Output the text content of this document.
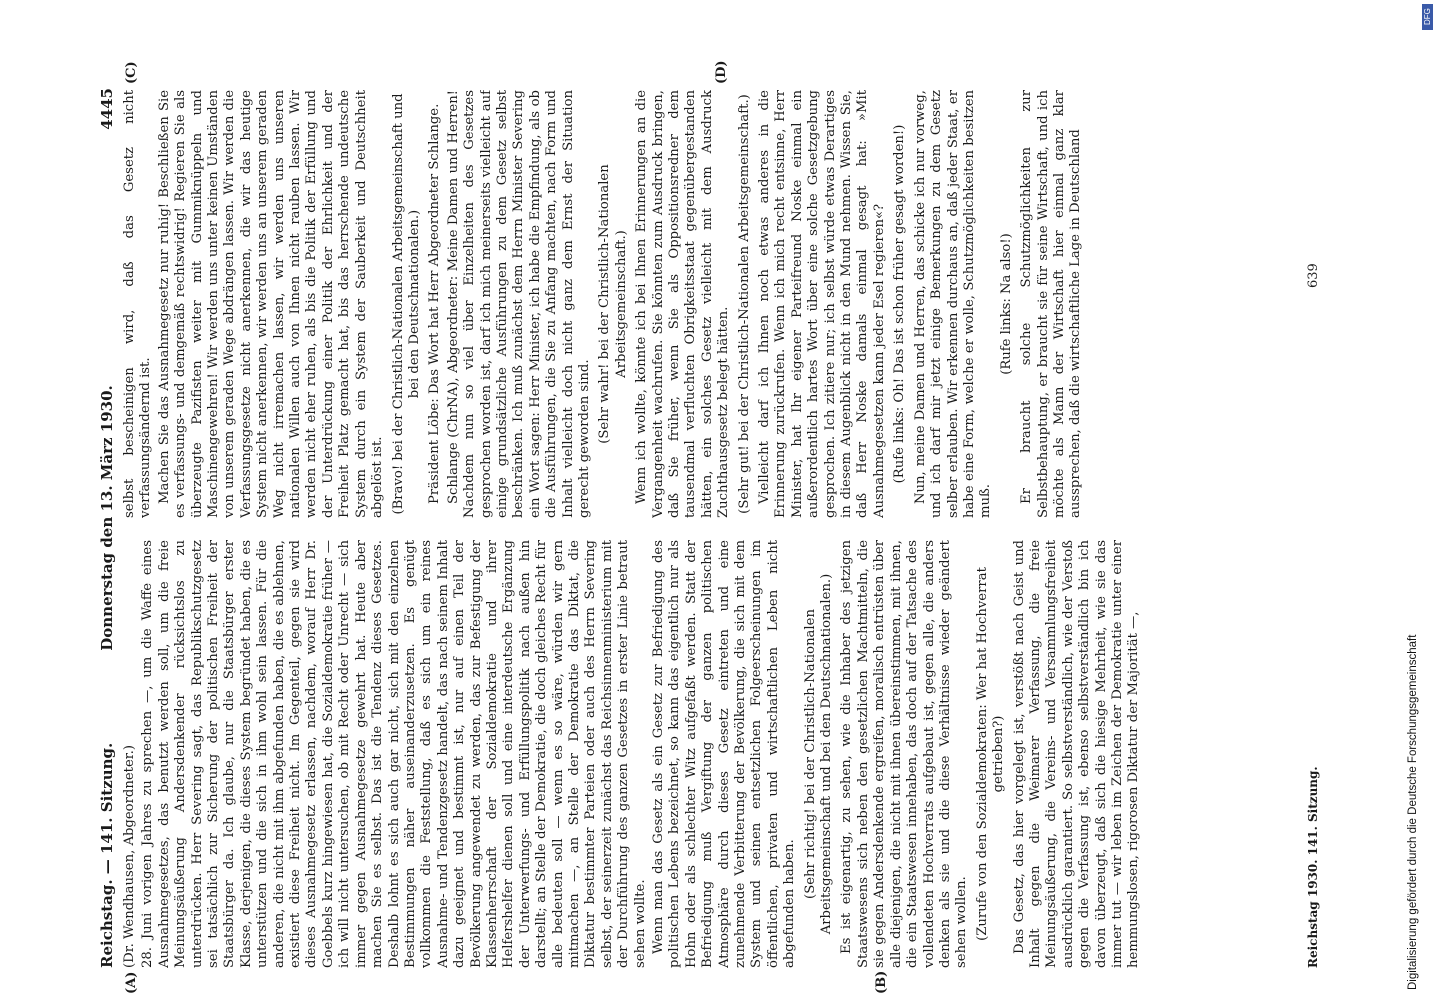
Reichstag. — 141. Sitzung.
Donnerstag den 13. März 1930.
4445

(Dr. Wendhausen, Abgeordneter.) 28. Juni vorigen Jahres zu sprechen —, um die Waffe eines Ausnahmegesetzes, das benutzt werden soll, um die freie Meinungsäußerung Andersdenkender rücksichtslos zu unterdrücken. Herr Severing sagt, das Republikschutzgesetz sei tatsächlich zur Sicherung der politischen Freiheit der Staatsbürger da. Ich glaube, nur die Staatsbürger erster Klasse, derjenigen, die dieses System begründet haben, die es unterstützen und die sich in ihm wohl sein lassen. Für die anderen, die nicht mit ihm abgefunden haben, die es ablehnen, existiert diese Freiheit nicht. Im Gegenteil, gegen sie wird dieses Ausnahmegesetz erlassen, nachdem, worauf Herr Dr. Goebbels kurz hingewiesen hat, die Sozialdemokratie früher — ich will nicht untersuchen, ob mit Recht oder Unrecht — sich immer gegen Ausnahmegesetze gewehrt hat. Heute aber machen Sie es selbst. Das ist die Tendenz dieses Gesetzes. Deshalb lohnt es sich auch gar nicht, sich mit den einzelnen Bestimmungen näher auseinanderzusetzen. Es genügt vollkommen die Feststellung, daß es sich um ein reines Ausnahme- und Tendenzgesetz handelt, das nach seinem Inhalt dazu geeignet und bestimmt ist, nur auf einen Teil der Bevölkerung angewendet zu werden, das zur Befestigung der Klassenherrschaft der Sozialdemokratie und ihrer Helfershelfer dienen soll und eine interdeutsche Ergänzung der Unterwerfungs- und Erfüllungspolitik nach außen hin darstellt; an Stelle der Demokratie, die doch gleiches Recht für alle bedeuten soll — wenn es so wäre, würden wir gern mitmachen —, an Stelle der Demokratie das Diktat, die Diktatur bestimmter Parteien oder auch des Herrn Severing selbst, der seinerzeit zunächst das Reichsinnenministerium mit der Durchführung des ganzen Gesetzes in erster Linie betraut sehen wollte. Wenn man das Gesetz als ein Gesetz zur Befriedigung des politischen Lebens bezeichnet, so kann das eigentlich nur als Hohn oder als schlechter Witz aufgefaßt werden. Statt der Befriedigung muß Vergiftung der ganzen politischen Atmosphäre durch dieses Gesetz eintreten und eine zunehmende Verbitterung der Bevölkerung, die sich mit dem System und seinen entsetzlichen Folgeerscheinungen im öffentlichen, privaten und wirtschaftlichen Leben nicht abgefunden haben.

(Sehr richtig! bei der Christlich-Nationalen Arbeitsgemeinschaft und bei den Deutschnationalen.) Es ist eigenartig, zu sehen, wie die Inhaber des jetzigen Staatswesens sich neben den gesetzlichen Machtmitteln, die sie gegen Andersdenkende ergreifen, moralisch entrüsten über alle diejenigen, die nicht mit ihnen übereinstimmen, mit ihnen, die ein Staatswesen innehaben, das doch auf der Tatsache des vollendeten Hochverrats aufgebaut ist, gegen alle, die anders denken als sie und die diese Verhältnisse wieder geändert sehen wollen. (Zurufe von den Sozialdemokraten: Wer hat Hochverrat getrieben?) Das Gesetz, das hier vorgelegt ist, verstößt nach Geist und Inhalt gegen die Weimarer Verfassung, die freie Meinungsäußerung, die Vereins- und Versammlungsfreiheit ausdrücklich garantiert. So selbstverständlich, wie der Verstoß gegen die Verfassung ist, ebenso selbstverständlich bin ich davon überzeugt, daß sich die hiesige Mehrheit, wie sie das immer tut — wir leben im Zeichen der Demokratie unter einer hemmungslosen, rigorosen Diktatur der Majorität —,

selbst bescheinigen wird, daß das Gesetz nicht verfassungsändernd ist. Machen Sie das Ausnahmegesetz nur ruhig! Beschließen Sie es verfassungs- und demgemäß rechtswidrig! Regieren Sie als überzeugte Pazifisten weiter mit Gummiknüppeln und Maschinengewehren! Wir werden uns unter keinen Umständen von unserem geraden Wege abdrängen lassen. Wir werden die Verfassungsgesetze nicht anerkennen, die wir das heutige System nicht anerkennen, wir werden uns an unserem geraden Weg nicht irremachen lassen, wir werden uns unseren nationalen Willen auch von Ihnen nicht rauben lassen. Wir werden nicht eher ruhen, als bis die Politik der Erfüllung und der Unterdrückung einer Politik der Ehrlichkeit und der Freiheit Platz gemacht hat, bis das herrschende undeutsche System durch ein System der Sauberkeit und Deutschheit abgelöst ist. (Bravo! bei der Christlich-Nationalen Arbeitsgemeinschaft und bei den Deutschnationalen.) Präsident Löbe: Das Wort hat Herr Abgeordneter Schlange. Schlange (ChrNA), Abgeordneter: Meine Damen und Herren! Nachdem nun so viel über Einzelheiten des Gesetzes gesprochen worden ist, darf ich mich meinerseits vielleicht auf einige grundsätzliche Ausführungen zu dem Gesetz selbst beschränken. Ich muß zunächst dem Herrn Minister Severing ein Wort sagen: Herr Minister, ich habe die Empfindung, als ob die Ausführungen, die Sie zu Anfang machten, nach Form und Inhalt vielleicht doch nicht ganz dem Ernst der Situation gerecht geworden sind. (Sehr wahr! bei der Christlich-Nationalen Arbeitsgemeinschaft.) Wenn ich wollte, könnte ich bei Ihnen Erinnerungen an die Vergangenheit wachrufen. Sie könnten zum Ausdruck bringen, daß Sie früher, wenn Sie als Oppositionsredner dem tausendmal verfluchten Obrigkeitsstaat gegenübergestanden hätten, ein solches Gesetz vielleicht mit dem Ausdruck Zuchthausgesetz belegt hätten. (Sehr gut! bei der Christlich-Nationalen Arbeitsgemeinschaft.) Vielleicht darf ich Ihnen noch etwas anderes in die Erinnerung zurückrufen. Wenn ich mich recht entsinne, Herr Minister, hat Ihr eigener Parteifreund Noske einmal ein außerordentlich hartes Wort über eine solche Gesetzgebung gesprochen. Ich zitiere nur; ich selbst würde etwas Derartiges in diesem Augenblick nicht in den Mund nehmen. Wissen Sie, daß Herr Noske damals einmal gesagt hat: »Mit Ausnahmegesetzen kann jeder Esel regieren«? (Rufe links: Oh! Das ist schon früher gesagt worden!) Nun, meine Damen und Herren, das schicke ich nur vorweg, und ich darf mir jetzt einige Bemerkungen zu dem Gesetz selber erlauben. Wir erkennen durchaus an, daß jeder Staat, er habe eine Form, welche er wolle, Schutzmöglichkeiten besitzen muß.

(Rufe links: Na also!) Er braucht solche Schutzmöglichkeiten zur Selbstbehauptung, er braucht sie für seine Wirtschaft, und ich möchte als Mann der Wirtschaft hier einmal ganz klar aussprechen, daß die wirtschaftliche Lage in Deutschland

(A)	(B)
(C)	(D)
Reichstag 1930. 141. Sitzung.
639
Digitalisierung gefördert durch die Deutsche Forschungsgemeinschaft
DFG
